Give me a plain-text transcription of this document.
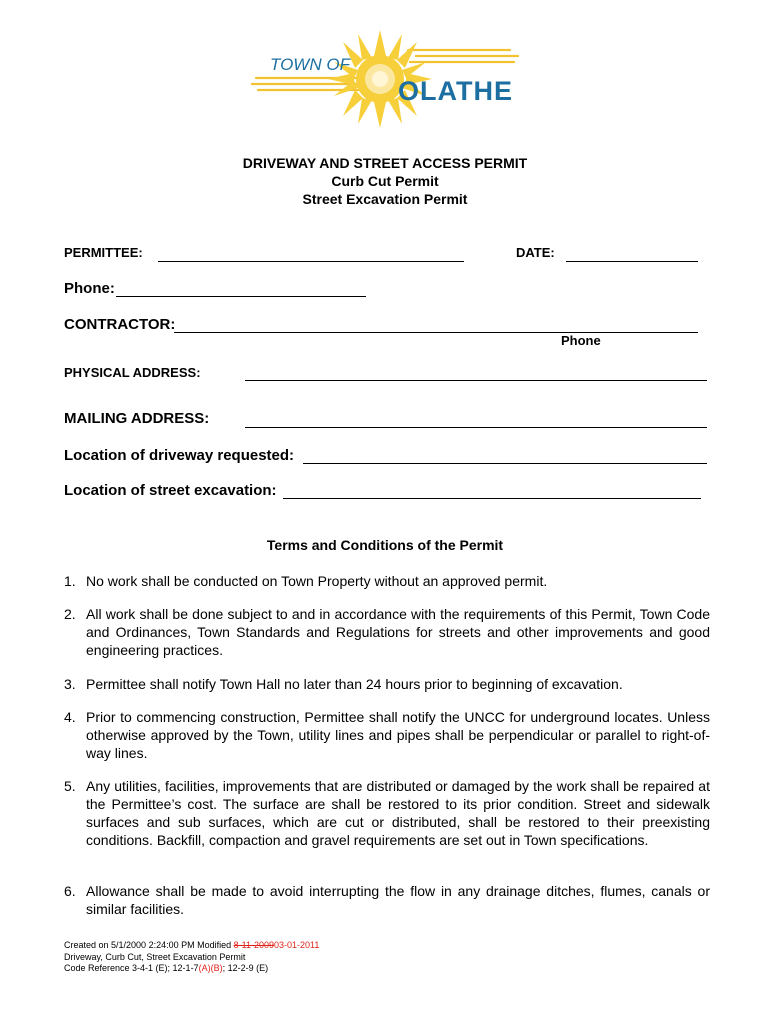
TOWN OF
OLATHE
DRIVEWAY AND STREET ACCESS PERMIT
Curb Cut Permit
Street Excavation Permit
PERMITTEE:	DATE:
Phone:
CONTRACTOR:
Phone
PHYSICAL ADDRESS:
MAILING ADDRESS:
Location of driveway requested:
Location of street excavation:
Terms and Conditions of the Permit
1. No work shall be conducted on Town Property without an approved permit.
2. All work shall be done subject to and in accordance with the requirements of this Permit, Town Code and Ordinances, Town Standards and Regulations for streets and other improvements and good engineering practices.
3. Permittee shall notify Town Hall no later than 24 hours prior to beginning of excavation.
4. Prior to commencing construction, Permittee shall notify the UNCC for underground locates. Unless otherwise approved by the Town, utility lines and pipes shall be perpendicular or parallel to right-of-way lines.
5. Any utilities, facilities, improvements that are distributed or damaged by the work shall be repaired at the Permittee’s cost. The surface are shall be restored to its prior condition. Street and sidewalk surfaces and sub surfaces, which are cut or distributed, shall be restored to their preexisting conditions. Backfill, compaction and gravel requirements are set out in Town specifications.
6. Allowance shall be made to avoid interrupting the flow in any drainage ditches, flumes, canals or similar facilities.
Created on 5/1/2000 2:24:00 PM Modified 8-11-200903-01-2011
Driveway, Curb Cut, Street Excavation Permit
Code Reference 3-4-1 (E); 12-1-7(A)(B); 12-2-9 (E)
